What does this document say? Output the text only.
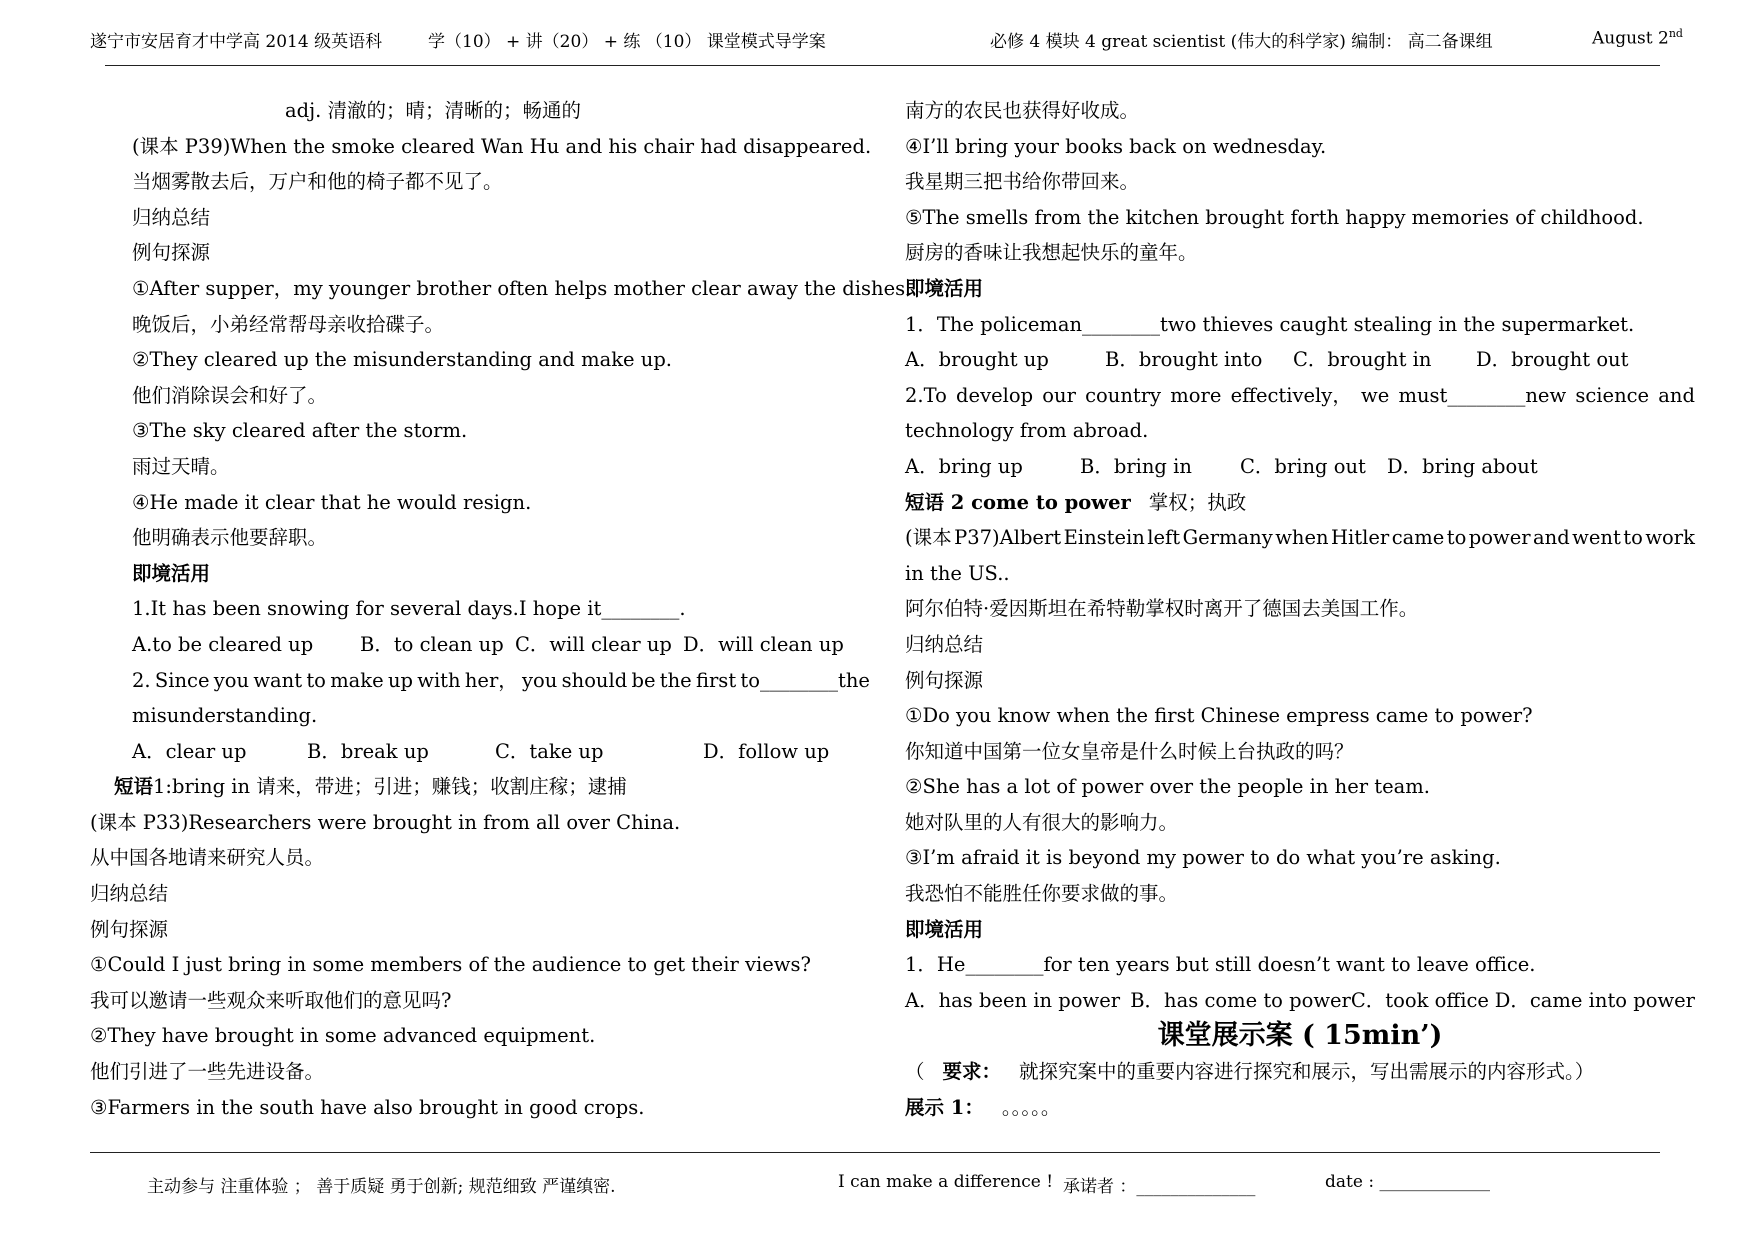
遂宁市安居育才中学高 2014 级英语科	学（10） + 讲（20） + 练 （10） 课堂模式导学案	必修 4 模块 4 great scientist (伟大的科学家) 编制： 高二备课组	August 2nd
adj. 清澈的；晴；清晰的；畅通的
(课本 P39)When the smoke cleared Wan Hu and his chair had disappeared.
当烟雾散去后，万户和他的椅子都不见了。
归纳总结
例句探源
①After supper，my younger brother often helps mother clear away the dishes.
晚饭后，小弟经常帮母亲收拾碟子。
②They cleared up the misunderstanding and make up.
他们消除误会和好了。
③The sky cleared after the storm.
雨过天晴。
④He made it clear that he would resign.
他明确表示他要辞职。
即境活用
1.It has been snowing for several days.I hope it________.
A.to be cleared up	B．to clean up C．will clear up D．will clean up
2. Since you want to make up with her， you should be the first to________the
misunderstanding.
A．clear up	B．break up	C．take up	D．follow up
短语 1:bring in 请来，带进；引进；赚钱；收割庄稼；逮捕
(课本 P33)Researchers were brought in from all over China.
从中国各地请来研究人员。
归纳总结
例句探源
①Could I just bring in some members of the audience to get their views?
我可以邀请一些观众来听取他们的意见吗?
②They have brought in some advanced equipment.
他们引进了一些先进设备。
③Farmers in the south have also brought in good crops.
南方的农民也获得好收成。
④I’ll bring your books back on wednesday.
我星期三把书给你带回来。
⑤The smells from the kitchen brought forth happy memories of childhood.
厨房的香味让我想起快乐的童年。
即境活用
1．The policeman________two thieves caught stealing in the supermarket.
A．brought up	B．brought into	C．brought in	D．brought out
2.To develop our country more effectively， we must________new science and
technology from abroad.
A．bring up	B．bring in	C．bring out	D．bring about
短语 2 come to power 掌权；执政
(课本 P37)Albert Einstein left Germany when Hitler came to power and went to work
in the US..
阿尔伯特·爱因斯坦在希特勒掌权时离开了德国去美国工作。
归纳总结
例句探源
①Do you know when the first Chinese empress came to power?
你知道中国第一位女皇帝是什么时候上台执政的吗？
②She has a lot of power over the people in her team.
她对队里的人有很大的影响力。
③I’m afraid it is beyond my power to do what you’re asking.
我恐怕不能胜任你要求做的事。
即境活用
1．He________for ten years but still doesn’t want to leave office.
A．has been in power B．has come to power C．took office D．came into power
课堂展示案 ( 15min’)
（ 要求： 就探究案中的重要内容进行探究和展示，写出需展示的内容形式。）
展示 1： 。。。。。
主动参与 注重体验 ； 善于质疑 勇于创新; 规范细致 严谨缜密.	I can make a difference ! 承诺者 ：______________	date : _____________
